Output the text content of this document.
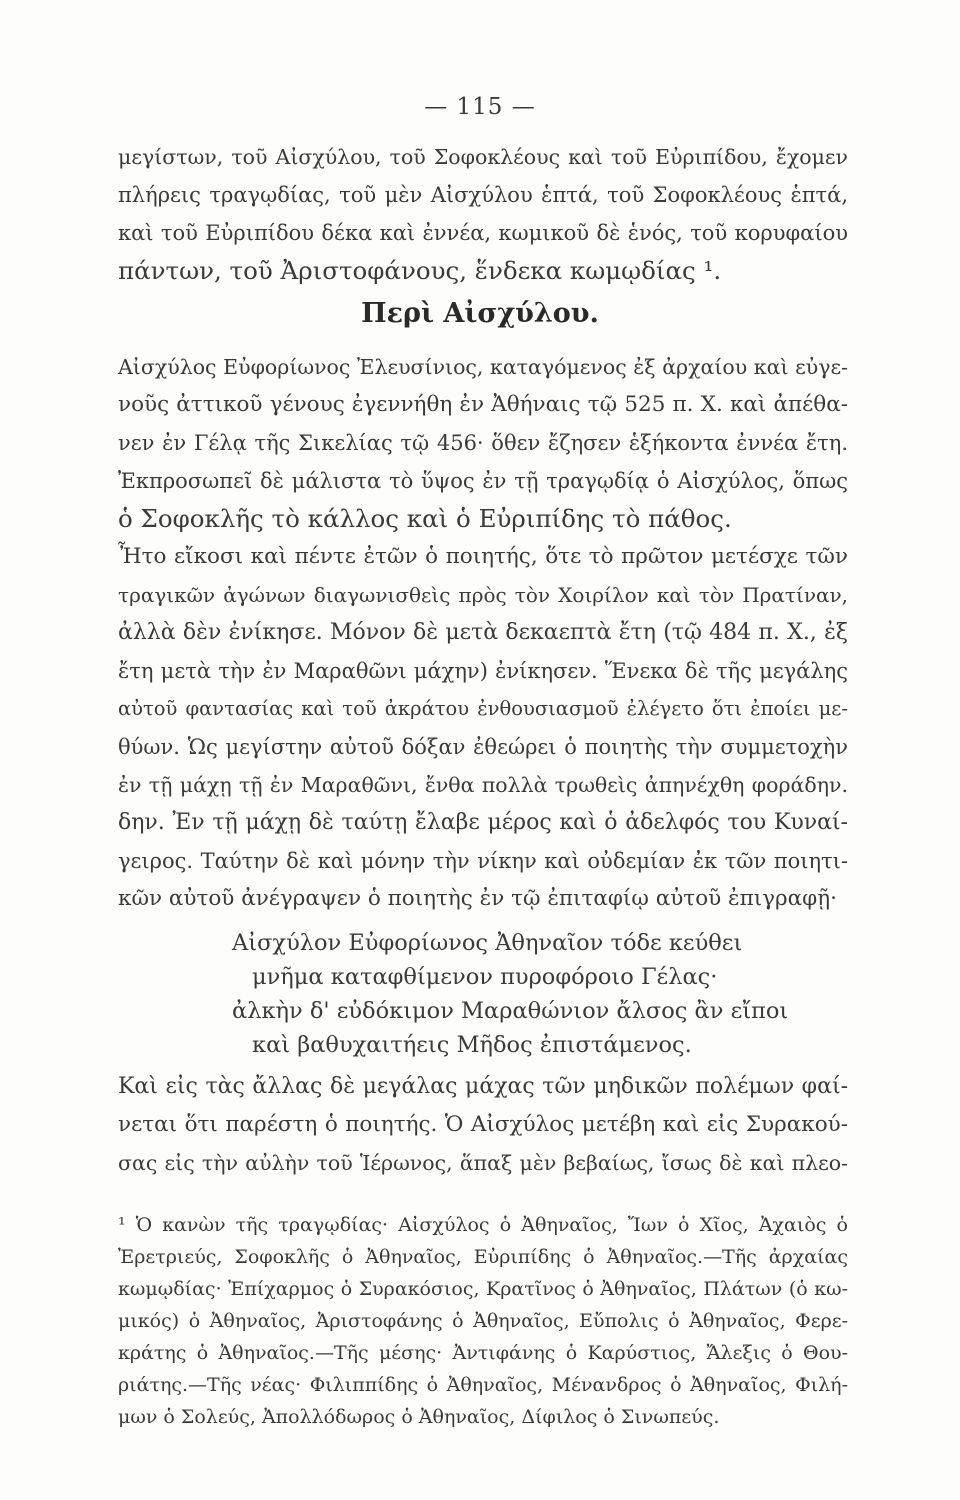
— 115 —
μεγίστων, τοῦ Αἰσχύλου, τοῦ Σοφοκλέους καὶ τοῦ Εὐριπίδου, ἔχομεν
πλήρεις τραγῳδίας, τοῦ μὲν Αἰσχύλου ἑπτά, τοῦ Σοφοκλέους ἑπτά,
καὶ τοῦ Εὐριπίδου δέκα καὶ ἐννέα, κωμικοῦ δὲ ἑνός, τοῦ κορυφαίου
πάντων, τοῦ Ἀριστοφάνους, ἕνδεκα κωμῳδίας ¹.
Περὶ Αἰσχύλου.
Αἰσχύλος Εὐφορίωνος Ἐλευσίνιος, καταγόμενος ἐξ ἀρχαίου καὶ εὐγε-
νοῦς ἀττικοῦ γένους ἐγεννήθη ἐν Ἀθήναις τῷ 525 π. Χ. καὶ ἀπέθα-
νεν ἐν Γέλᾳ τῆς Σικελίας τῷ 456· ὅθεν ἔζησεν ἑξήκοντα ἐννέα ἔτη.
Ἐκπροσωπεῖ δὲ μάλιστα τὸ ὕψος ἐν τῇ τραγῳδίᾳ ὁ Αἰσχύλος, ὅπως
ὁ Σοφοκλῆς τὸ κάλλος καὶ ὁ Εὐριπίδης τὸ πάθος.
Ἦτο εἴκοσι καὶ πέντε ἐτῶν ὁ ποιητής, ὅτε τὸ πρῶτον μετέσχε τῶν
τραγικῶν ἀγώνων διαγωνισθεὶς πρὸς τὸν Χοιρίλον καὶ τὸν Πρατίναν,
ἀλλὰ δὲν ἐνίκησε. Μόνον δὲ μετὰ δεκαεπτὰ ἔτη (τῷ 484 π. Χ., ἐξ
ἔτη μετὰ τὴν ἐν Μαραθῶνι μάχην) ἐνίκησεν. Ἕνεκα δὲ τῆς μεγάλης
αὐτοῦ φαντασίας καὶ τοῦ ἀκράτου ἐνθουσιασμοῦ ἐλέγετο ὅτι ἐποίει με-
θύων. Ὡς μεγίστην αὐτοῦ δόξαν ἐθεώρει ὁ ποιητὴς τὴν συμμετοχὴν
ἐν τῇ μάχῃ τῇ ἐν Μαραθῶνι, ἔνθα πολλὰ τρωθεὶς ἀπηνέχθη φοράδην.
δην. Ἐν τῇ μάχῃ δὲ ταύτῃ ἔλαβε μέρος καὶ ὁ ἀδελφός του Κυναί-
γειρος. Ταύτην δὲ καὶ μόνην τὴν νίκην καὶ οὐδεμίαν ἐκ τῶν ποιητι-
κῶν αὐτοῦ ἀνέγραψεν ὁ ποιητὴς ἐν τῷ ἐπιταφίῳ αὐτοῦ ἐπιγραφῇ·
Αἰσχύλον Εὐφορίωνος Ἀθηναῖον τόδε κεύθει
μνῆμα καταφθίμενον πυροφόροιο Γέλας·
ἀλκὴν δ' εὐδόκιμον Μαραθώνιον ἄλσος ἂν εἴποι
καὶ βαθυχαιτήεις Μῆδος ἐπιστάμενος.
Καὶ εἰς τὰς ἄλλας δὲ μεγάλας μάχας τῶν μηδικῶν πολέμων φαί-
νεται ὅτι παρέστη ὁ ποιητής. Ὁ Αἰσχύλος μετέβη καὶ εἰς Συρακού-
σας εἰς τὴν αὐλὴν τοῦ Ἱέρωνος, ἅπαξ μὲν βεβαίως, ἴσως δὲ καὶ πλεο-
¹ Ὁ κανὼν τῆς τραγῳδίας· Αἰσχύλος ὁ Ἀθηναῖος, Ἴων ὁ Χῖος, Ἀχαιὸς ὁ
Ἐρετριεύς, Σοφοκλῆς ὁ Ἀθηναῖος, Εὐριπίδης ὁ Ἀθηναῖος.—Τῆς ἀρχαίας
κωμῳδίας· Ἐπίχαρμος ὁ Συρακόσιος, Κρατῖνος ὁ Ἀθηναῖος, Πλάτων (ὁ κω-
μικός) ὁ Ἀθηναῖος, Ἀριστοφάνης ὁ Ἀθηναῖος, Εὔπολις ὁ Ἀθηναῖος, Φερε-
κράτης ὁ Ἀθηναῖος.—Τῆς μέσης· Ἀντιφάνης ὁ Καρύστιος, Ἄλεξις ὁ Θου-
ριάτης.—Τῆς νέας· Φιλιππίδης ὁ Ἀθηναῖος, Μένανδρος ὁ Ἀθηναῖος, Φιλή-
μων ὁ Σολεύς, Ἀπολλόδωρος ὁ Ἀθηναῖος, Δίφιλος ὁ Σινωπεύς.
